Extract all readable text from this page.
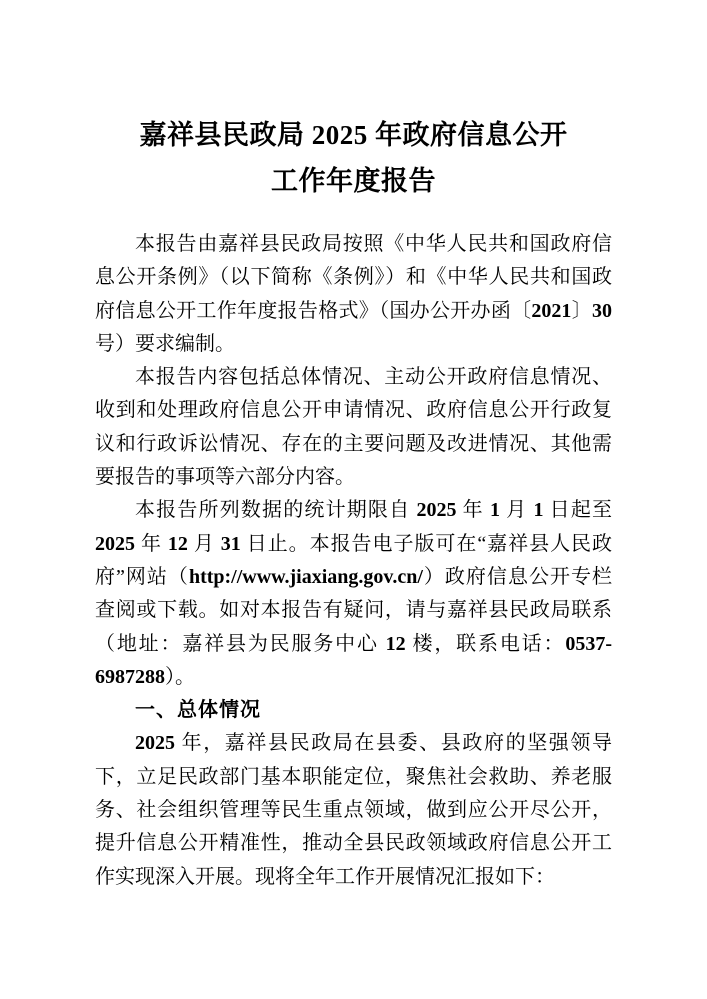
嘉祥县民政局 2025 年政府信息公开
工作年度报告

本报告由嘉祥县民政局按照《中华人民共和国政府信息公开条例》（以下简称《条例》）和《中华人民共和国政府信息公开工作年度报告格式》（国办公开办函〔2021〕30 号）要求编制。

本报告内容包括总体情况、主动公开政府信息情况、收到和处理政府信息公开申请情况、政府信息公开行政复议和行政诉讼情况、存在的主要问题及改进情况、其他需要报告的事项等六部分内容。

本报告所列数据的统计期限自 2025 年 1 月 1 日起至 2025 年 12 月 31 日止。本报告电子版可在“嘉祥县人民政府”网站（http://www.jiaxiang.gov.cn/）政府信息公开专栏查阅或下载。如对本报告有疑问，请与嘉祥县民政局联系（地址：嘉祥县为民服务中心 12 楼，联系电话：0537-6987288）。

一、总体情况

2025 年，嘉祥县民政局在县委、县政府的坚强领导下，立足民政部门基本职能定位，聚焦社会救助、养老服务、社会组织管理等民生重点领域，做到应公开尽公开，提升信息公开精准性，推动全县民政领域政府信息公开工作实现深入开展。现将全年工作开展情况汇报如下：
